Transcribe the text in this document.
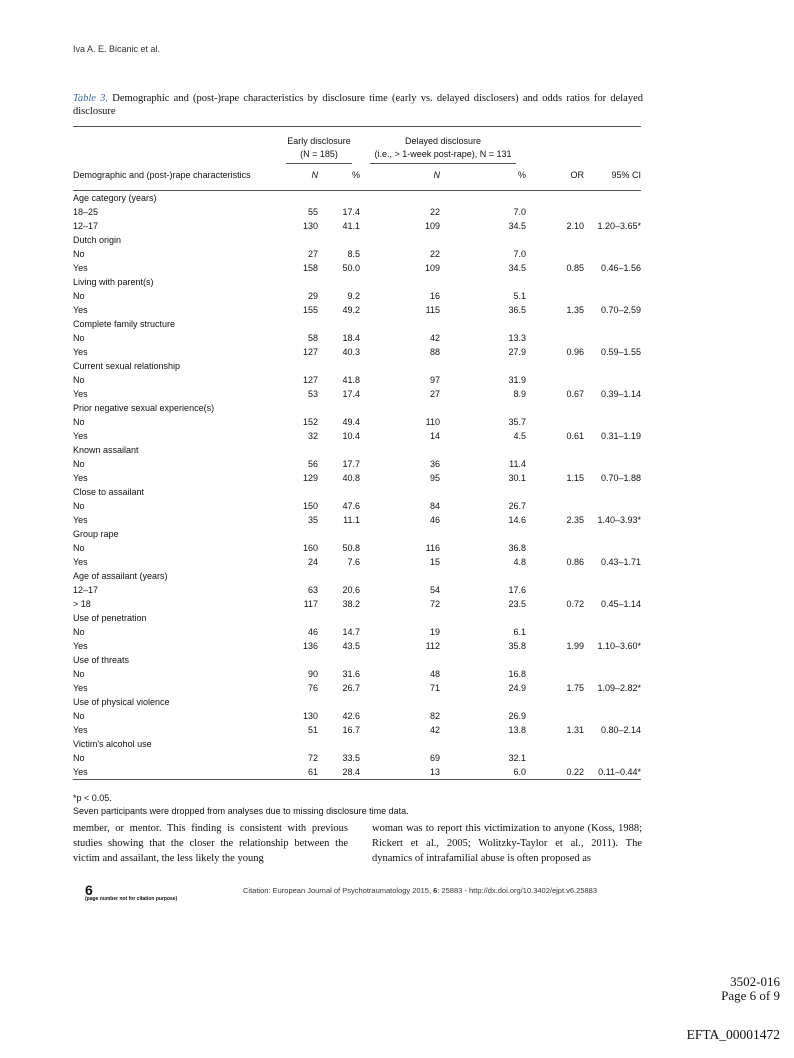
Iva A. E. Bicanic et al.
Table 3. Demographic and (post-)rape characteristics by disclosure time (early vs. delayed disclosers) and odds ratios for delayed disclosure
	Early disclosure		Delayed disclosure			
	(N = 185)		(i.e., > 1-week post-rape), N = 131			
Demographic and (post-)rape characteristics	N	%	N	%	OR	95% CI
Age category (years)						
18–25	55	17.4	22	7.0		
12–17	130	41.1	109	34.5	2.10	1.20–3.65*
Dutch origin						
No	27	8.5	22	7.0		
Yes	158	50.0	109	34.5	0.85	0.46–1.56
Living with parent(s)						
No	29	9.2	16	5.1		
Yes	155	49.2	115	36.5	1.35	0.70–2.59
Complete family structure						
No	58	18.4	42	13.3		
Yes	127	40.3	88	27.9	0.96	0.59–1.55
Current sexual relationship						
No	127	41.8	97	31.9		
Yes	53	17.4	27	8.9	0.67	0.39–1.14
Prior negative sexual experience(s)						
No	152	49.4	110	35.7		
Yes	32	10.4	14	4.5	0.61	0.31–1.19
Known assailant						
No	56	17.7	36	11.4		
Yes	129	40.8	95	30.1	1.15	0.70–1.88
Close to assailant						
No	150	47.6	84	26.7		
Yes	35	11.1	46	14.6	2.35	1.40–3.93*
Group rape						
No	160	50.8	116	36.8		
Yes	24	7.6	15	4.8	0.86	0.43–1.71
Age of assailant (years)						
12–17	63	20.6	54	17.6		
> 18	117	38.2	72	23.5	0.72	0.45–1.14
Use of penetration						
No	46	14.7	19	6.1		
Yes	136	43.5	112	35.8	1.99	1.10–3.60*
Use of threats						
No	90	31.6	48	16.8		
Yes	76	26.7	71	24.9	1.75	1.09–2.82*
Use of physical violence						
No	130	42.6	82	26.9		
Yes	51	16.7	42	13.8	1.31	0.80–2.14
Victim's alcohol use						
No	72	33.5	69	32.1		
Yes	61	28.4	13	6.0	0.22	0.11–0.44*
*p < 0.05.
Seven participants were dropped from analyses due to missing disclosure time data.
member, or mentor. This finding is consistent with previous studies showing that the closer the relationship between the victim and assailant, the less likely the young
woman was to report this victimization to anyone (Koss, 1988; Rickert et al., 2005; Wolitzky-Taylor et al., 2011). The dynamics of intrafamilial abuse is often proposed as
6
(page number not for citation purpose)
Citation: European Journal of Psychotraumatology 2015, 6: 25883 - http://dx.doi.org/10.3402/ejpt.v6.25883
3502-016
Page 6 of 9
EFTA_00001472
